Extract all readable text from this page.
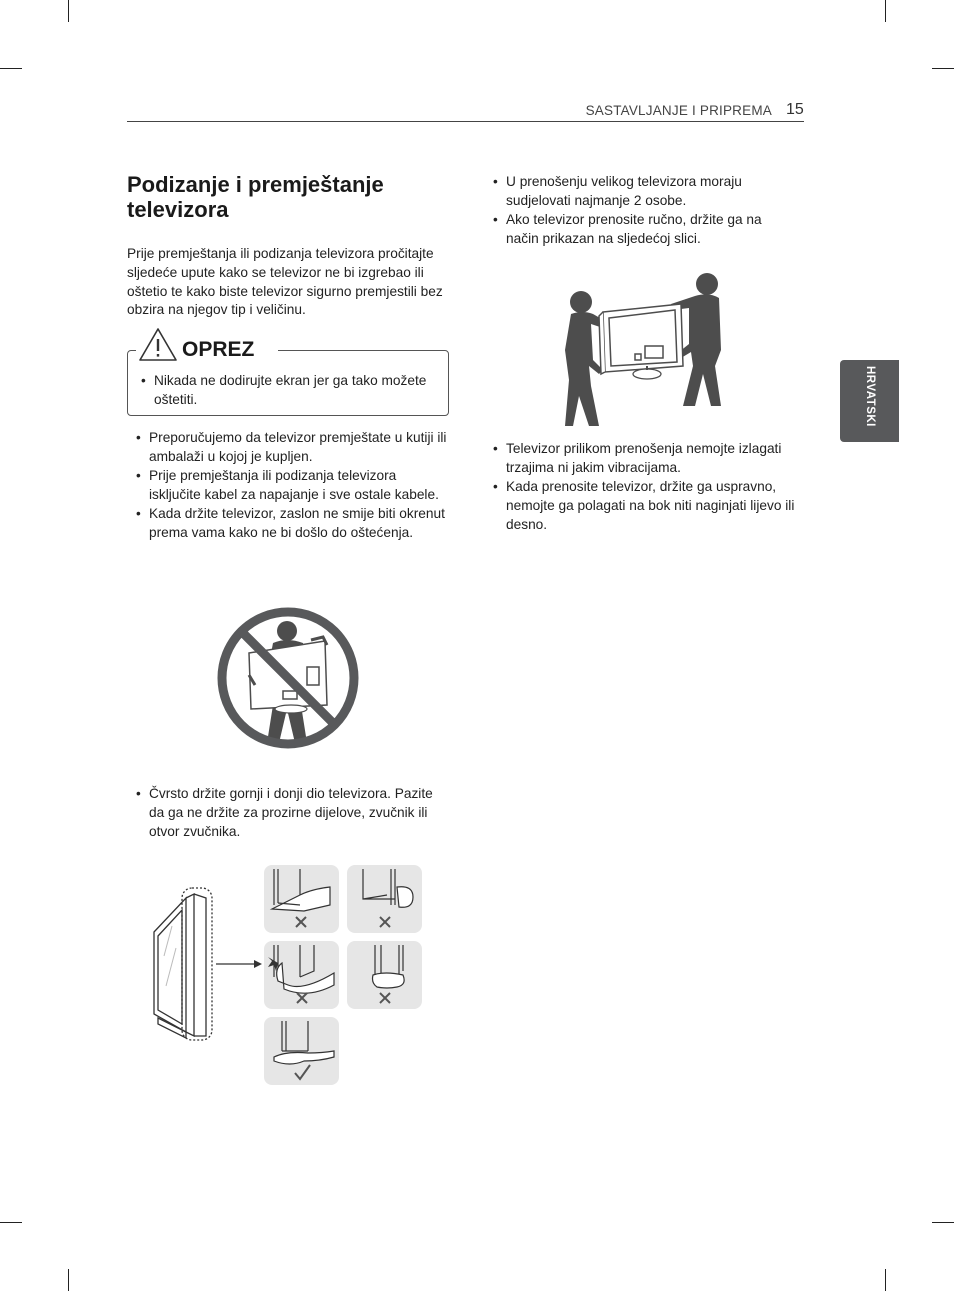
SASTAVLJANJE I PRIPREMA 15
HRVATSKI
Podizanje i premještanje televizora
Prije premještanja ili podizanja televizora pročitajte sljedeće upute kako se televizor ne bi izgrebao ili oštetio te kako biste televizor sigurno premjestili bez obzira na njegov tip i veličinu.
OPREZ
• Nikada ne dodirujte ekran jer ga tako možete oštetiti.
• Preporučujemo da televizor premještate u kutiji ili ambalaži u kojoj je kupljen.
• Prije premještanja ili podizanja televizora isključite kabel za napajanje i sve ostale kabele.
• Kada držite televizor, zaslon ne smije biti okrenut prema vama kako ne bi došlo do oštećenja.
• Čvrsto držite gornji i donji dio televizora. Pazite da ga ne držite za prozirne dijelove, zvučnik ili otvor zvučnika.
• U prenošenju velikog televizora moraju sudjelovati najmanje 2 osobe.
• Ako televizor prenosite ručno, držite ga na način prikazan na sljedećoj slici.
• Televizor prilikom prenošenja nemojte izlagati trzajima ni jakim vibracijama.
• Kada prenosite televizor, držite ga uspravno, nemojte ga polagati na bok niti naginjati lijevo ili desno.
